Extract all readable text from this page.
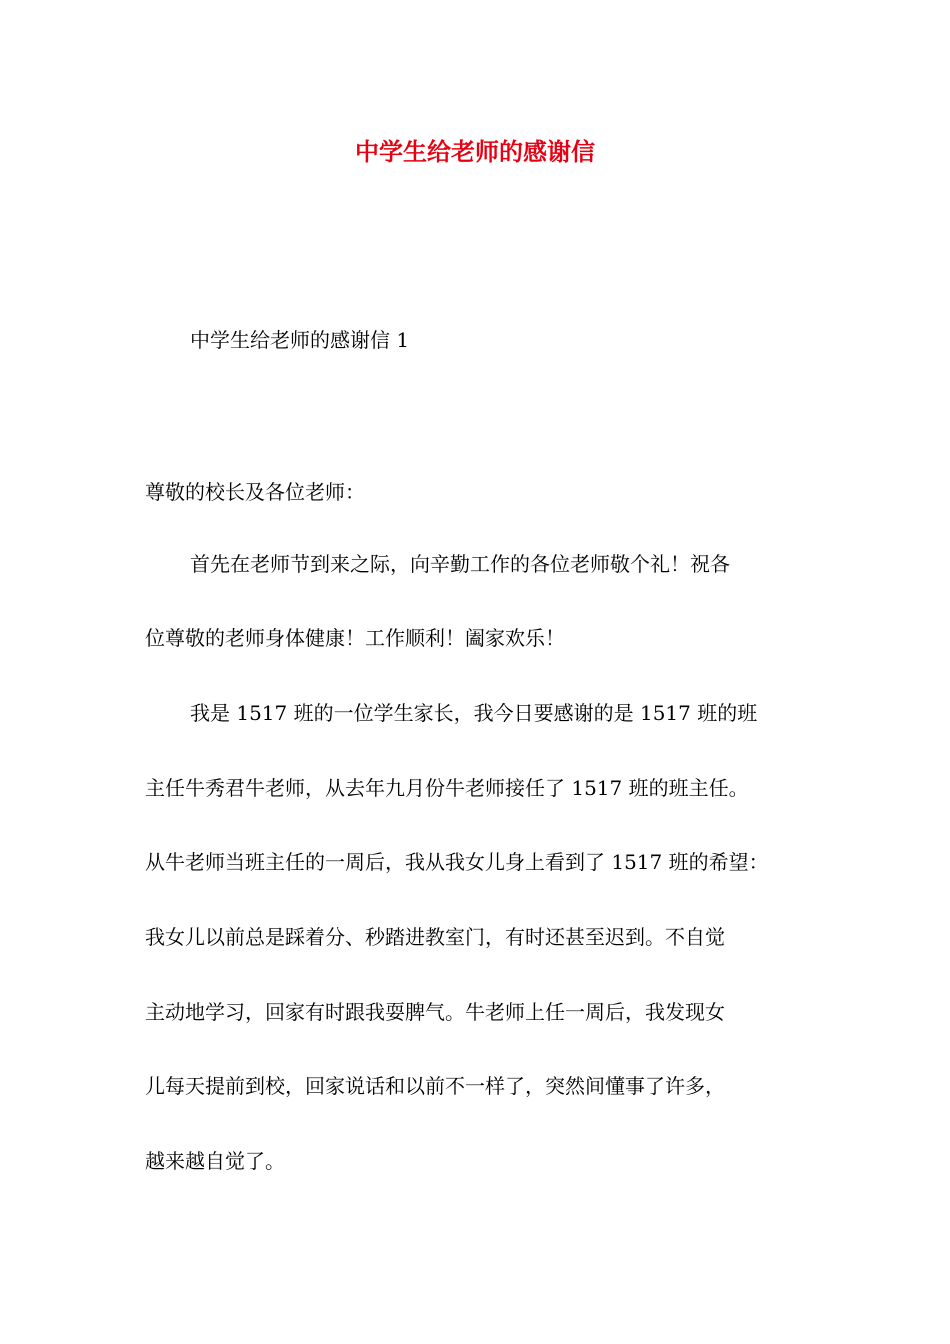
中学生给老师的感谢信

中学生给老师的感谢信 1

尊敬的校长及各位老师：

首先在老师节到来之际，向辛勤工作的各位老师敬个礼！祝各

位尊敬的老师身体健康！工作顺利！阖家欢乐！

我是 1517 班的一位学生家长，我今日要感谢的是 1517 班的班

主任牛秀君牛老师，从去年九月份牛老师接任了 1517 班的班主任。

从牛老师当班主任的一周后，我从我女儿身上看到了 1517 班的希望：

我女儿以前总是踩着分、秒踏进教室门，有时还甚至迟到。不自觉

主动地学习，回家有时跟我耍脾气。牛老师上任一周后，我发现女

儿每天提前到校，回家说话和以前不一样了，突然间懂事了许多，

越来越自觉了。
